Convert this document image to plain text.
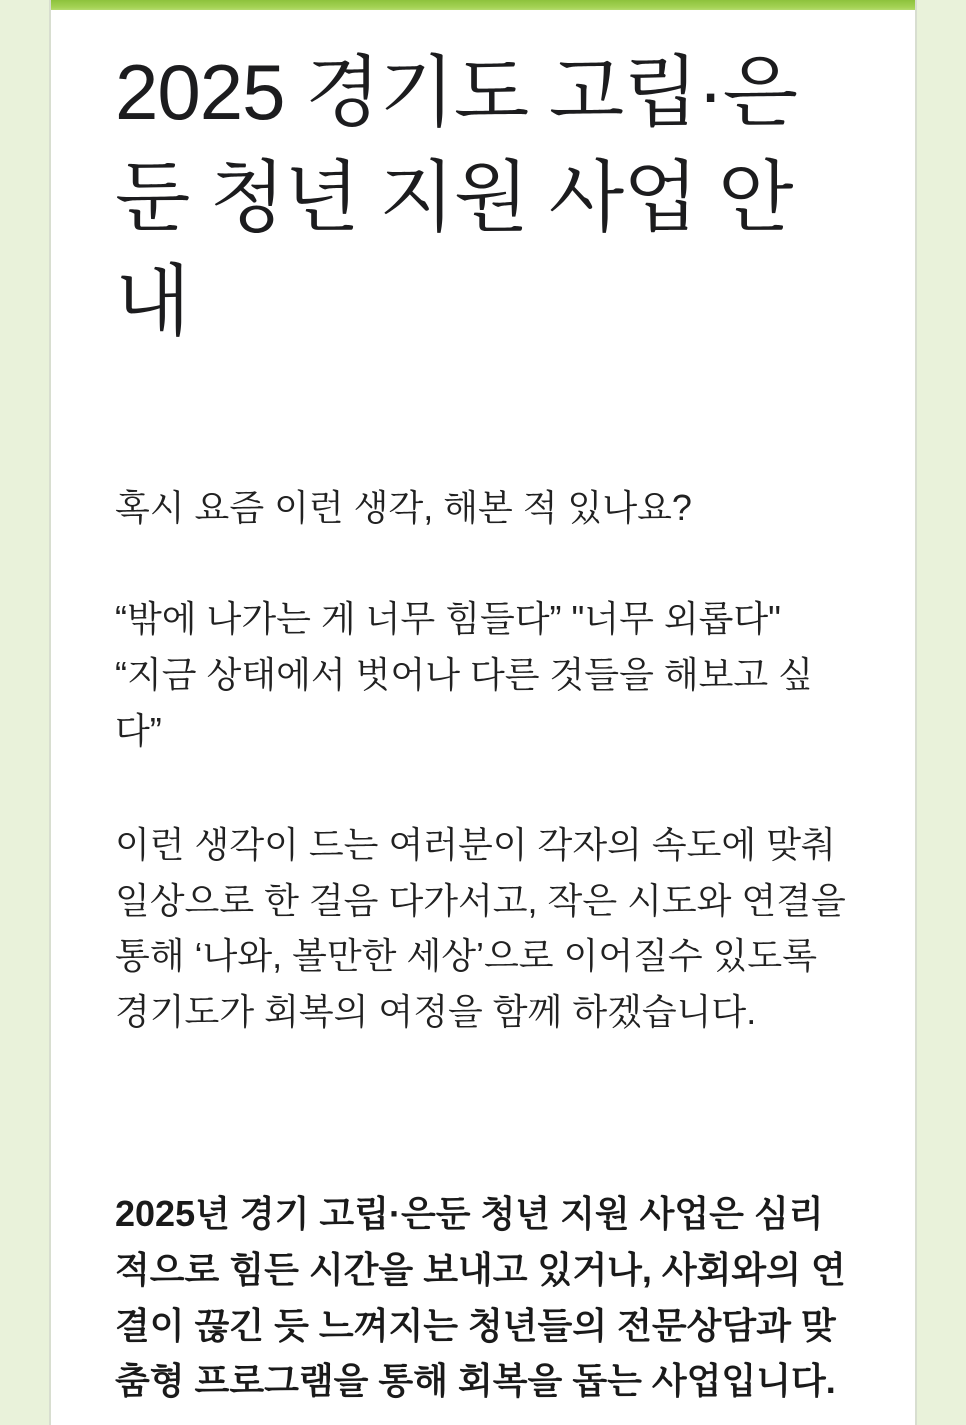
2025 경기도 고립·은둔 청년 지원 사업 안내

혹시 요즘 이런 생각, 해본 적 있나요?

“밖에 나가는 게 너무 힘들다” "너무 외롭다"
“지금 상태에서 벗어나 다른 것들을 해보고 싶다”

이런 생각이 드는 여러분이 각자의 속도에 맞춰 일상으로 한 걸음 다가서고, 작은 시도와 연결을 통해 ‘나와, 볼만한 세상’으로 이어질수 있도록 경기도가 회복의 여정을 함께 하겠습니다.

2025년 경기 고립·은둔 청년 지원 사업은 심리적으로 힘든 시간을 보내고 있거나, 사회와의 연결이 끊긴 듯 느껴지는 청년들의 전문상담과 맞춤형 프로그램을 통해 회복을 돕는 사업입니다.
